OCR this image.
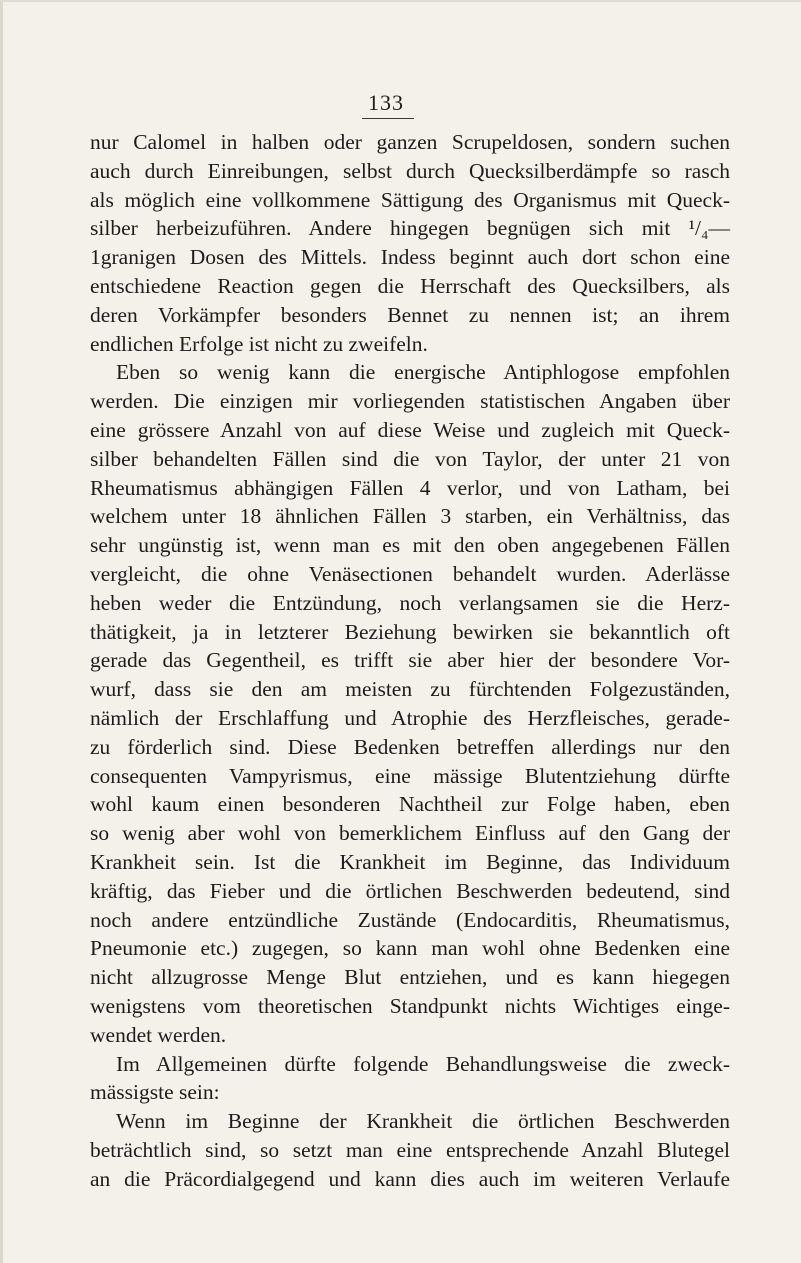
133
nur Calomel in halben oder ganzen Scrupeldosen, sondern suchen
auch durch Einreibungen, selbst durch Quecksilberdämpfe so rasch
als möglich eine vollkommene Sättigung des Organismus mit Queck-
silber herbeizuführen. Andere hingegen begnügen sich mit ¹/₄—
1granigen Dosen des Mittels. Indess beginnt auch dort schon eine
entschiedene Reaction gegen die Herrschaft des Quecksilbers, als
deren Vorkämpfer besonders Bennet zu nennen ist; an ihrem
endlichen Erfolge ist nicht zu zweifeln.
Eben so wenig kann die energische Antiphlogose empfohlen
werden. Die einzigen mir vorliegenden statistischen Angaben über
eine grössere Anzahl von auf diese Weise und zugleich mit Queck-
silber behandelten Fällen sind die von Taylor, der unter 21 von
Rheumatismus abhängigen Fällen 4 verlor, und von Latham, bei
welchem unter 18 ähnlichen Fällen 3 starben, ein Verhältniss, das
sehr ungünstig ist, wenn man es mit den oben angegebenen Fällen
vergleicht, die ohne Venäsectionen behandelt wurden. Aderlässe
heben weder die Entzündung, noch verlangsamen sie die Herz-
thätigkeit, ja in letzterer Beziehung bewirken sie bekanntlich oft
gerade das Gegentheil, es trifft sie aber hier der besondere Vor-
wurf, dass sie den am meisten zu fürchtenden Folgezuständen,
nämlich der Erschlaffung und Atrophie des Herzfleisches, gerade-
zu förderlich sind. Diese Bedenken betreffen allerdings nur den
consequenten Vampyrismus, eine mässige Blutentziehung dürfte
wohl kaum einen besonderen Nachtheil zur Folge haben, eben
so wenig aber wohl von bemerklichem Einfluss auf den Gang der
Krankheit sein. Ist die Krankheit im Beginne, das Individuum
kräftig, das Fieber und die örtlichen Beschwerden bedeutend, sind
noch andere entzündliche Zustände (Endocarditis, Rheumatismus,
Pneumonie etc.) zugegen, so kann man wohl ohne Bedenken eine
nicht allzugrosse Menge Blut entziehen, und es kann hiegegen
wenigstens vom theoretischen Standpunkt nichts Wichtiges einge-
wendet werden.
Im Allgemeinen dürfte folgende Behandlungsweise die zweck-
mässigste sein:
Wenn im Beginne der Krankheit die örtlichen Beschwerden
beträchtlich sind, so setzt man eine entsprechende Anzahl Blutegel
an die Präcordialgegend und kann dies auch im weiteren Verlaufe
